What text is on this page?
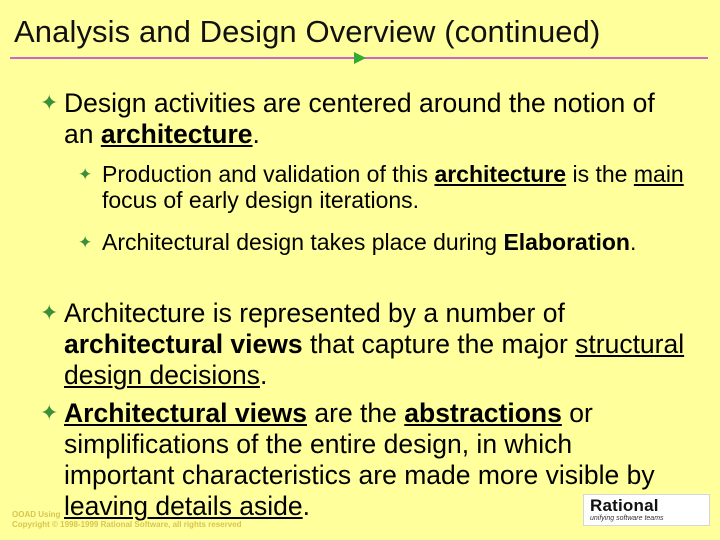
Analysis and Design Overview (continued)
✦ Design activities are centered around the notion of an architecture.
✦ Production and validation of this architecture is the main focus of early design iterations.
✦ Architectural design takes place during Elaboration.
✦ Architecture is represented by a number of architectural views that capture the major structural design decisions.
✦ Architectural views are the abstractions or simplifications of the entire design, in which important characteristics are made more visible by leaving details aside.
OOAD Using
Copyright © 1998-1999 Rational Software, all rights reserved
Rational
unifying software teams
